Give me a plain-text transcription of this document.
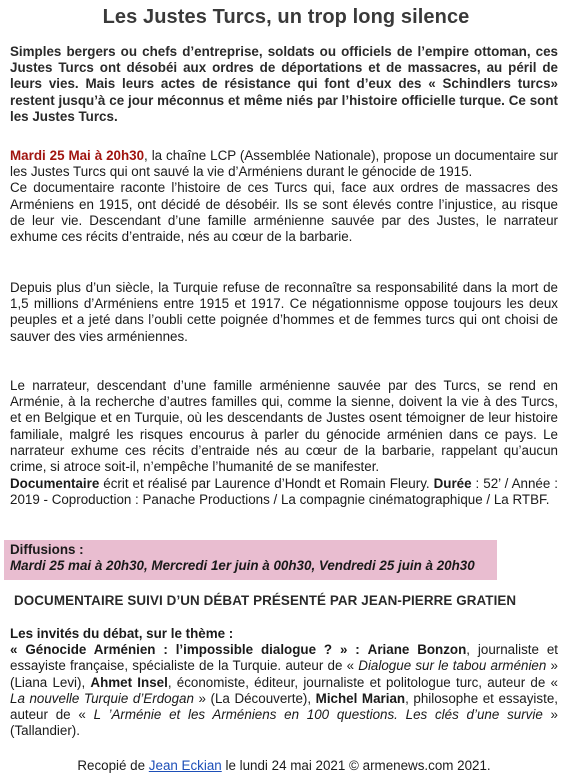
Les Justes Turcs, un trop long silence
Simples bergers ou chefs d’entreprise, soldats ou officiels de l’empire ottoman, ces Justes Turcs ont désobéi aux ordres de déportations et de massacres, au péril de leurs vies. Mais leurs actes de résistance qui font d’eux des « Schindlers turcs» restent jusqu’à ce jour méconnus et même niés par l’histoire officielle turque. Ce sont les Justes Turcs.
Mardi 25 Mai à 20h30, la chaîne LCP (Assemblée Nationale), propose un documentaire sur les Justes Turcs qui ont sauvé la vie d’Arméniens durant le génocide de 1915.
Ce documentaire raconte l’histoire de ces Turcs qui, face aux ordres de massacres des Arméniens en 1915, ont décidé de désobéir. Ils se sont élevés contre l’injustice, au risque de leur vie. Descendant d’une famille arménienne sauvée par des Justes, le narrateur exhume ces récits d’entraide, nés au cœur de la barbarie.
Depuis plus d’un siècle, la Turquie refuse de reconnaître sa responsabilité dans la mort de 1,5 millions d’Arméniens entre 1915 et 1917. Ce négationnisme oppose toujours les deux peuples et a jeté dans l’oubli cette poignée d’hommes et de femmes turcs qui ont choisi de sauver des vies arméniennes.
Le narrateur, descendant d’une famille arménienne sauvée par des Turcs, se rend en Arménie, à la recherche d’autres familles qui, comme la sienne, doivent la vie à des Turcs, et en Belgique et en Turquie, où les descendants de Justes osent témoigner de leur histoire familiale, malgré les risques encourus à parler du génocide arménien dans ce pays. Le narrateur exhume ces récits d’entraide nés au cœur de la barbarie, rappelant qu’aucun crime, si atroce soit-il, n’empêche l’humanité de se manifester.
Documentaire écrit et réalisé par Laurence d’Hondt et Romain Fleury. Durée : 52’ / Année : 2019 - Coproduction : Panache Productions / La compagnie cinématographique / La RTBF.
Diffusions :
Mardi 25 mai à 20h30, Mercredi 1er juin à 00h30, Vendredi 25 juin à 20h30
DOCUMENTAIRE SUIVI D’UN DÉBAT PRÉSENTÉ PAR JEAN-PIERRE GRATIEN
Les invités du débat, sur le thème :
« Génocide Arménien : l’impossible dialogue ? » : Ariane Bonzon, journaliste et essayiste française, spécialiste de la Turquie. auteur de « Dialogue sur le tabou arménien » (Liana Levi), Ahmet Insel, économiste, éditeur, journaliste et politologue turc, auteur de « La nouvelle Turquie d’Erdogan » (La Découverte), Michel Marian, philosophe et essayiste, auteur de « L ’Arménie et les Arméniens en 100 questions. Les clés d’une survie » (Tallandier).
Recopié de Jean Eckian le lundi 24 mai 2021 © armenews.com 2021.
